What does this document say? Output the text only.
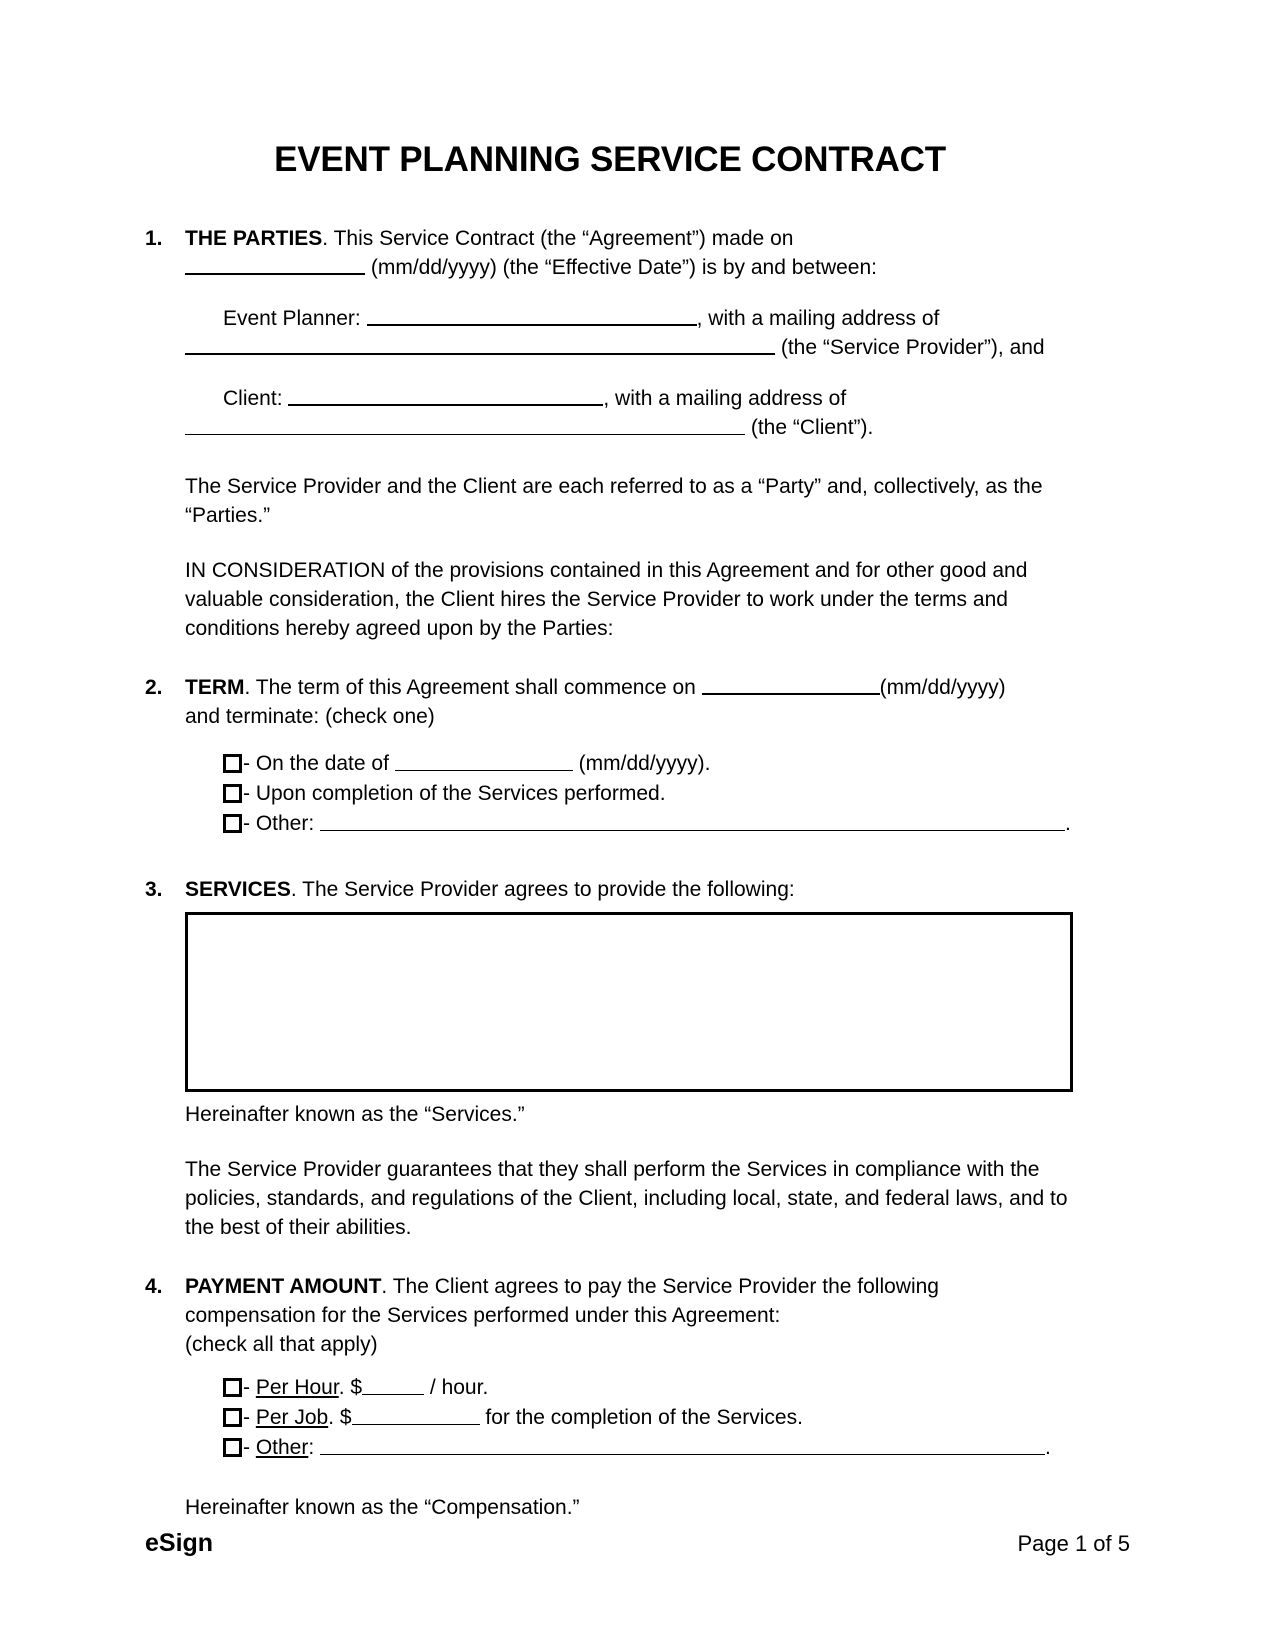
EVENT PLANNING SERVICE CONTRACT
1.	THE PARTIES. This Service Contract (the “Agreement”) made on
(mm/dd/yyyy) (the “Effective Date”) is by and between:
Event Planner:	, with a mailing address of
(the “Service Provider”), and
Client:	, with a mailing address of
(the “Client”).
The Service Provider and the Client are each referred to as a “Party” and, collectively, as the “Parties.”
IN CONSIDERATION of the provisions contained in this Agreement and for other good and valuable consideration, the Client hires the Service Provider to work under the terms and conditions hereby agreed upon by the Parties:
2.	TERM. The term of this Agreement shall commence on	(mm/dd/yyyy)
and terminate: (check one)
- On the date of	(mm/dd/yyyy).
- Upon completion of the Services performed.
- Other:	.
3.	SERVICES. The Service Provider agrees to provide the following:
Hereinafter known as the “Services.”
The Service Provider guarantees that they shall perform the Services in compliance with the policies, standards, and regulations of the Client, including local, state, and federal laws, and to the best of their abilities.
4.	PAYMENT AMOUNT. The Client agrees to pay the Service Provider the following
compensation for the Services performed under this Agreement:
(check all that apply)
- Per Hour. $	/ hour.
- Per Job. $	for the completion of the Services.
- Other:	.
Hereinafter known as the “Compensation.”
eSign	Page 1 of 5
